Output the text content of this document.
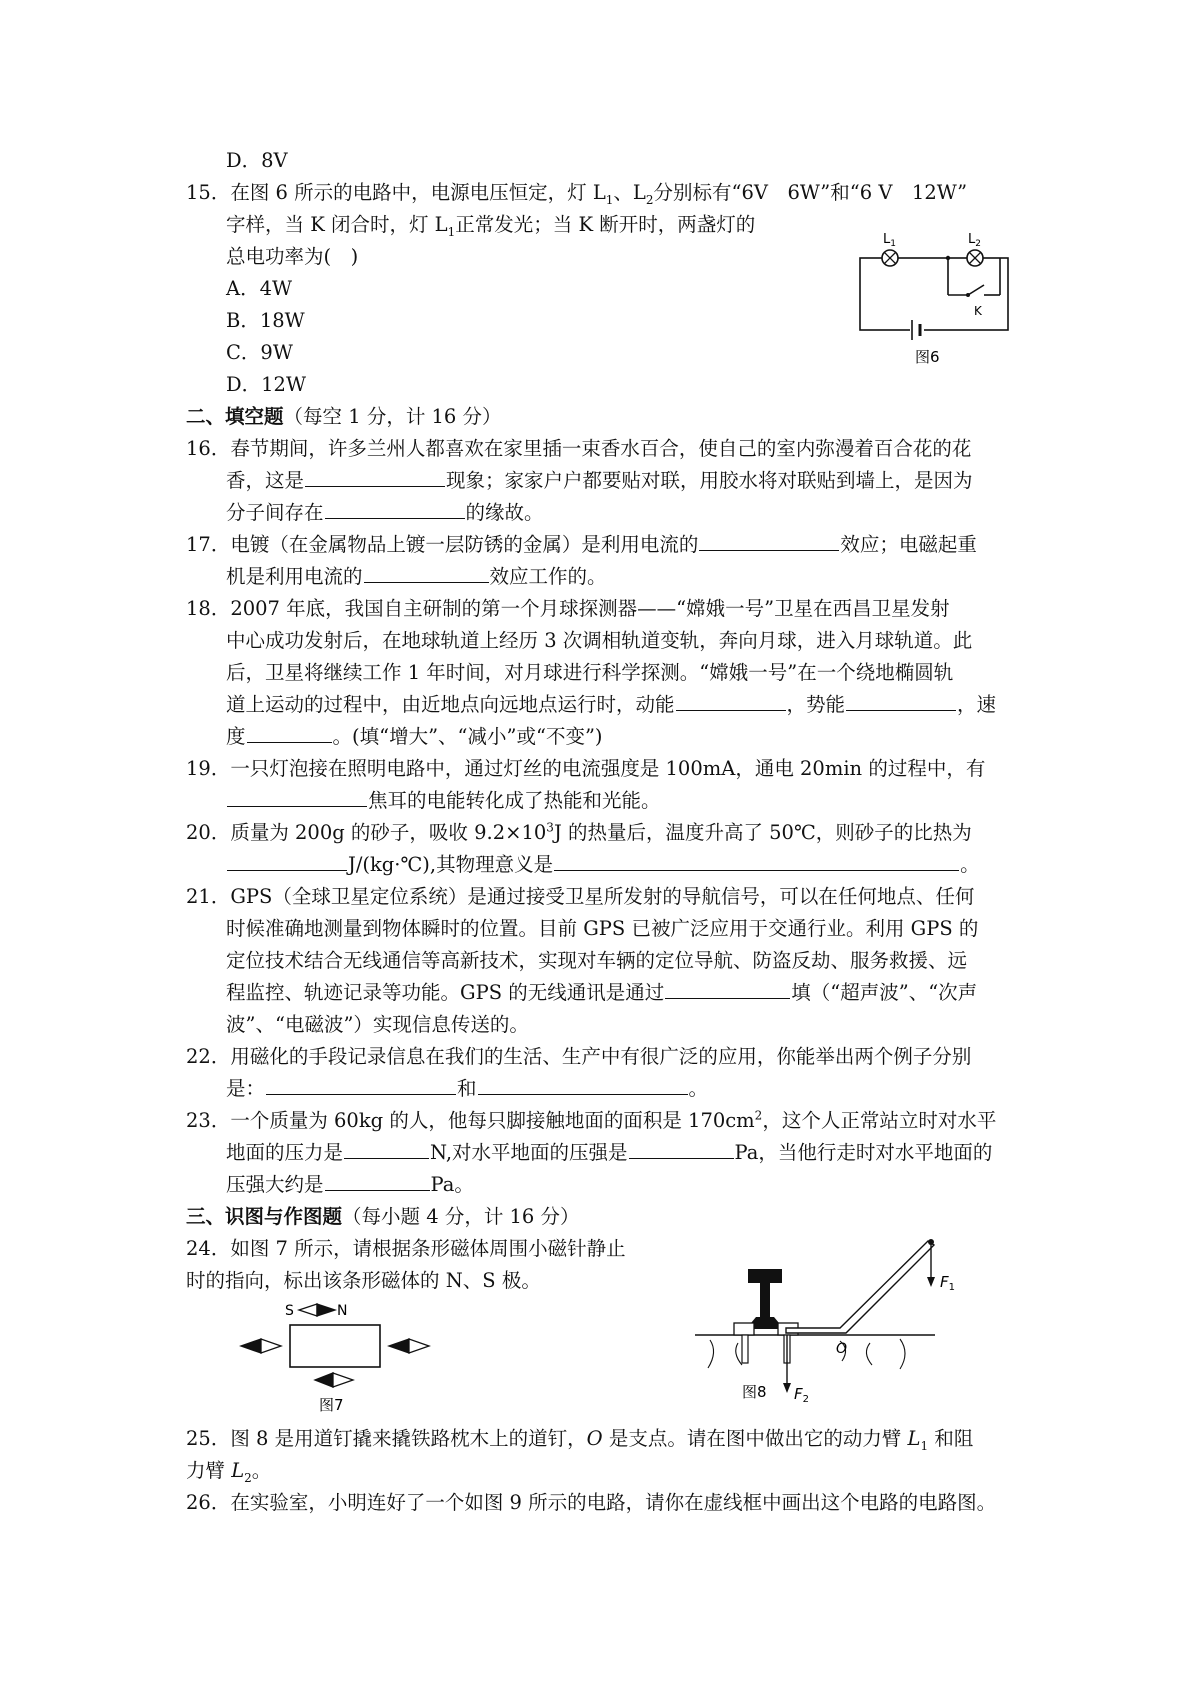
D．8V
15．在图 6 所示的电路中，电源电压恒定，灯 $L_1$、$L_2$分别标有“6V　6W”和“6 V　12W”
字样，当 K 闭合时，灯 $L_1$正常发光；当 K 断开时，两盏灯的
总电功率为(　)
A．4W
B．18W
C．9W
D．12W
$L_1$	$L_2$
K
图6
二、填空题（每空 1 分，计 16 分）
16．春节期间，许多兰州人都喜欢在家里插一束香水百合，使自己的室内弥漫着百合花的花
香，这是	现象；家家户户都要贴对联，用胶水将对联贴到墙上，是因为
分子间存在	的缘故。
17．电镀（在金属物品上镀一层防锈的金属）是利用电流的	效应；电磁起重
机是利用电流的	效应工作的。
18．2007 年底，我国自主研制的第一个月球探测器——“嫦娥一号”卫星在西昌卫星发射
中心成功发射后，在地球轨道上经历 3 次调相轨道变轨，奔向月球，进入月球轨道。此
后，卫星将继续工作 1 年时间，对月球进行科学探测。“嫦娥一号”在一个绕地椭圆轨
道上运动的过程中，由近地点向远地点运行时，动能	，势能	，速
度	。(填“增大”、“减小”或“不变”)
19．一只灯泡接在照明电路中，通过灯丝的电流强度是 100mA，通电 20min 的过程中，有
焦耳的电能转化成了热能和光能。
20．质量为 200g 的砂子，吸收 $9.2\times 10^3J$ 的热量后，温度升高了 50℃，则砂子的比热为
J/(kg·℃),其物理意义是	。
21．GPS（全球卫星定位系统）是通过接受卫星所发射的导航信号，可以在任何地点、任何
时候准确地测量到物体瞬时的位置。目前 GPS 已被广泛应用于交通行业。利用 GPS 的
定位技术结合无线通信等高新技术，实现对车辆的定位导航、防盗反劫、服务救援、远
程监控、轨迹记录等功能。GPS 的无线通讯是通过	填（“超声波”、“次声
波”、“电磁波”）实现信息传送的。
22．用磁化的手段记录信息在我们的生活、生产中有很广泛的应用，你能举出两个例子分别
是：	和	。
23．一个质量为 60kg 的人，他每只脚接触地面的面积是 $170cm^2$，这个人正常站立时对水平
地面的压力是	N,对水平地面的压强是	Pa，当他行走时对水平地面的
压强大约是	Pa。
三、识图与作图题（每小题 4 分，计 16 分）
24．如图 7 所示，请根据条形磁体周围小磁针静止
时的指向，标出该条形磁体的 N、S 极。
S	N
图7
$F_1$
$F_2$
O
图8
25．图 8 是用道钉撬来撬铁路枕木上的道钉，O 是支点。请在图中做出它的动力臂 $L_1$ 和阻
力臂 $L_2$。
26．在实验室，小明连好了一个如图 9 所示的电路，请你在虚线框中画出这个电路的电路图。
